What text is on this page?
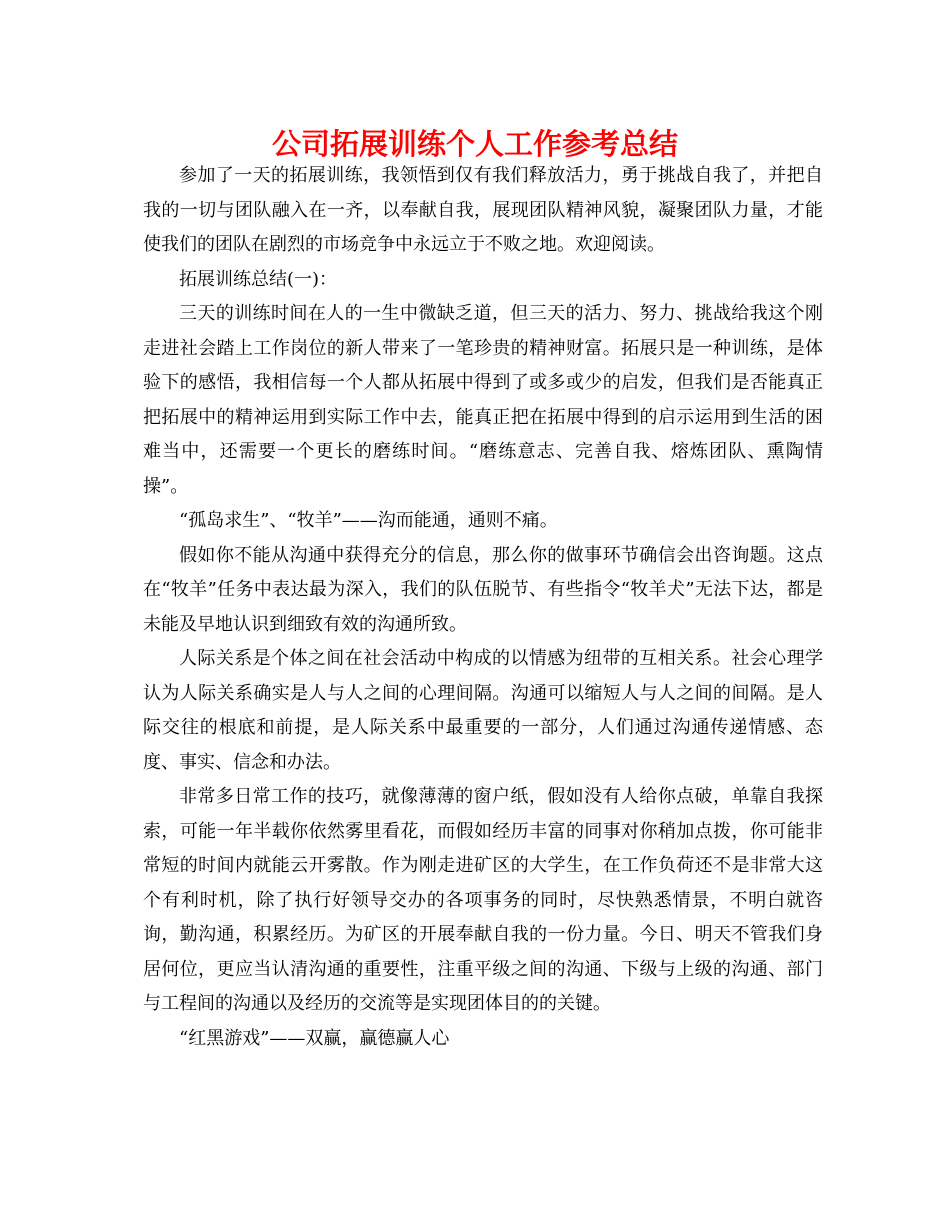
公司拓展训练个人工作参考总结

参加了一天的拓展训练，我领悟到仅有我们释放活力，勇于挑战自我了，并把自我的一切与团队融入在一齐，以奉献自我，展现团队精神风貌，凝聚团队力量，才能使我们的团队在剧烈的市场竞争中永远立于不败之地。欢迎阅读。

拓展训练总结(一)：

三天的训练时间在人的一生中微缺乏道，但三天的活力、努力、挑战给我这个刚走进社会踏上工作岗位的新人带来了一笔珍贵的精神财富。拓展只是一种训练，是体验下的感悟，我相信每一个人都从拓展中得到了或多或少的启发，但我们是否能真正把拓展中的精神运用到实际工作中去，能真正把在拓展中得到的启示运用到生活的困难当中，还需要一个更长的磨练时间。“磨练意志、完善自我、熔炼团队、熏陶情操”。

“孤岛求生”、“牧羊”——沟而能通，通则不痛。

假如你不能从沟通中获得充分的信息，那么你的做事环节确信会出咨询题。这点在“牧羊”任务中表达最为深入，我们的队伍脱节、有些指令“牧羊犬”无法下达，都是未能及早地认识到细致有效的沟通所致。

人际关系是个体之间在社会活动中构成的以情感为纽带的互相关系。社会心理学认为人际关系确实是人与人之间的心理间隔。沟通可以缩短人与人之间的间隔。是人际交往的根底和前提，是人际关系中最重要的一部分，人们通过沟通传递情感、态度、事实、信念和办法。

非常多日常工作的技巧，就像薄薄的窗户纸，假如没有人给你点破，单靠自我探索，可能一年半载你依然雾里看花，而假如经历丰富的同事对你稍加点拨，你可能非常短的时间内就能云开雾散。作为刚走进矿区的大学生，在工作负荷还不是非常大这个有利时机，除了执行好领导交办的各项事务的同时，尽快熟悉情景，不明白就咨询，勤沟通，积累经历。为矿区的开展奉献自我的一份力量。今日、明天不管我们身居何位，更应当认清沟通的重要性，注重平级之间的沟通、下级与上级的沟通、部门与工程间的沟通以及经历的交流等是实现团体目的的关键。

“红黑游戏”——双赢，赢德赢人心
